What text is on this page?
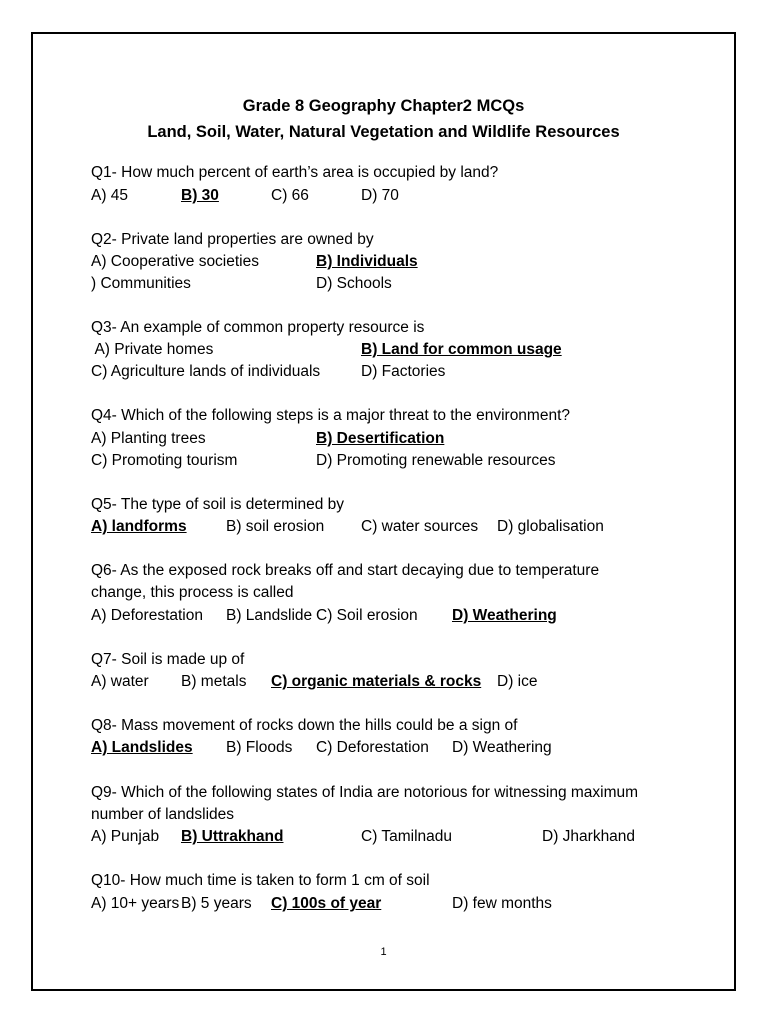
Grade 8 Geography Chapter2 MCQs
Land, Soil, Water, Natural Vegetation and Wildlife Resources
Q1- How much percent of earth’s area is occupied by land?
A) 45	B) 30	C) 66	D) 70
Q2- Private land properties are owned by
A) Cooperative societies	B) Individuals
) Communities	D) Schools
Q3- An example of common property resource is
A) Private homes	B) Land for common usage
C) Agriculture lands of individuals	D) Factories
Q4- Which of the following steps is a major threat to the environment?
A) Planting trees	B) Desertification
C) Promoting tourism	D) Promoting renewable resources
Q5- The type of soil is determined by
A) landforms	B) soil erosion C) water sources D) globalisation
Q6- As the exposed rock breaks off and start decaying due to temperature
change, this process is called
A) Deforestation B) Landslide C) Soil erosion D) Weathering
Q7- Soil is made up of
A) water B) metals C) organic materials & rocks D) ice
Q8- Mass movement of rocks down the hills could be a sign of
A) Landslides B) Floods C) Deforestation D) Weathering
Q9- Which of the following states of India are notorious for witnessing maximum
number of landslides
A) Punjab B) Uttrakhand	C) Tamilnadu	D) Jharkhand
Q10- How much time is taken to form 1 cm of soil
A) 10+ years B) 5 years C) 100s of year	D) few months
1
